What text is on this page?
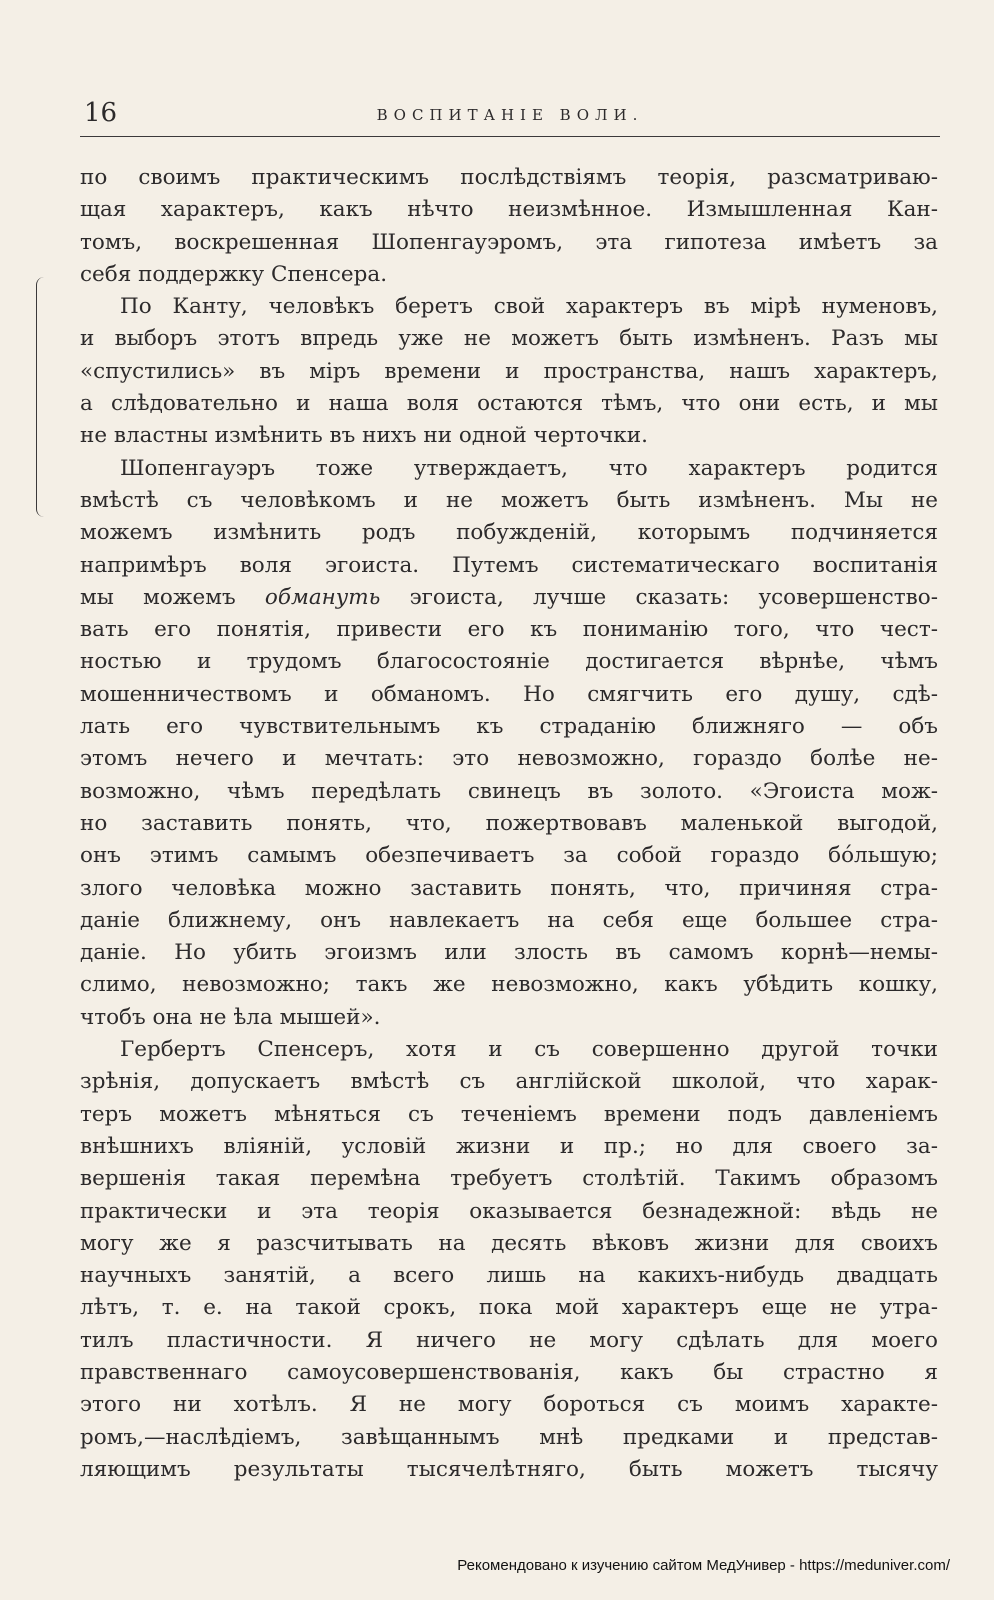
16	ВОСПИТАНІЕ ВОЛИ.
по своимъ практическимъ послѣдствіямъ теорія, разсматриваю-
щая характеръ, какъ нѣчто неизмѣнное. Измышленная Кан-
томъ, воскрешенная Шопенгауэромъ, эта гипотеза имѣетъ за
себя поддержку Спенсера.
По Канту, человѣкъ беретъ свой характеръ въ мірѣ нуменовъ,
и выборъ этотъ впредь уже не можетъ быть измѣненъ. Разъ мы
«спустились» въ міръ времени и пространства, нашъ характеръ,
а слѣдовательно и наша воля остаются тѣмъ, что они есть, и мы
не властны измѣнить въ нихъ ни одной черточки.
Шопенгауэръ тоже утверждаетъ, что характеръ родится
вмѣстѣ съ человѣкомъ и не можетъ быть измѣненъ. Мы не
можемъ измѣнить родъ побужденій, которымъ подчиняется
напримѣръ воля эгоиста. Путемъ систематическаго воспитанія
мы можемъ обмануть эгоиста, лучше сказать: усовершенство-
вать его понятія, привести его къ пониманію того, что чест-
ностью и трудомъ благосостояніе достигается вѣрнѣе, чѣмъ
мошенничествомъ и обманомъ. Но смягчить его душу, сдѣ-
лать его чувствительнымъ къ страданію ближняго — объ
этомъ нечего и мечтать: это невозможно, гораздо болѣе не-
возможно, чѣмъ передѣлать свинецъ въ золото. «Эгоиста мож-
но заставить понять, что, пожертвовавъ маленькой выгодой,
онъ этимъ самымъ обезпечиваетъ за собой гораздо бо́льшую;
злого человѣка можно заставить понять, что, причиняя стра-
даніе ближнему, онъ навлекаетъ на себя еще большее стра-
даніе. Но убить эгоизмъ или злость въ самомъ корнѣ—немы-
слимо, невозможно; такъ же невозможно, какъ убѣдить кошку,
чтобъ она не ѣла мышей».
Гербертъ Спенсеръ, хотя и съ совершенно другой точки
зрѣнія, допускаетъ вмѣстѣ съ англійской школой, что харак-
теръ можетъ мѣняться съ теченіемъ времени подъ давленіемъ
внѣшнихъ вліяній, условій жизни и пр.; но для своего за-
вершенія такая перемѣна требуетъ столѣтій. Такимъ образомъ
практически и эта теорія оказывается безнадежной: вѣдь не
могу же я разсчитывать на десять вѣковъ жизни для своихъ
научныхъ занятій, а всего лишь на какихъ-нибудь двадцать
лѣтъ, т. е. на такой срокъ, пока мой характеръ еще не утра-
тилъ пластичности. Я ничего не могу сдѣлать для моего
правственнаго самоусовершенствованія, какъ бы страстно я
этого ни хотѣлъ. Я не могу бороться съ моимъ характе-
ромъ,—наслѣдіемъ, завѣщаннымъ мнѣ предками и представ-
ляющимъ результаты тысячелѣтняго, быть можетъ тысячу
Рекомендовано к изучению сайтом МедУнивер - https://meduniver.com/
